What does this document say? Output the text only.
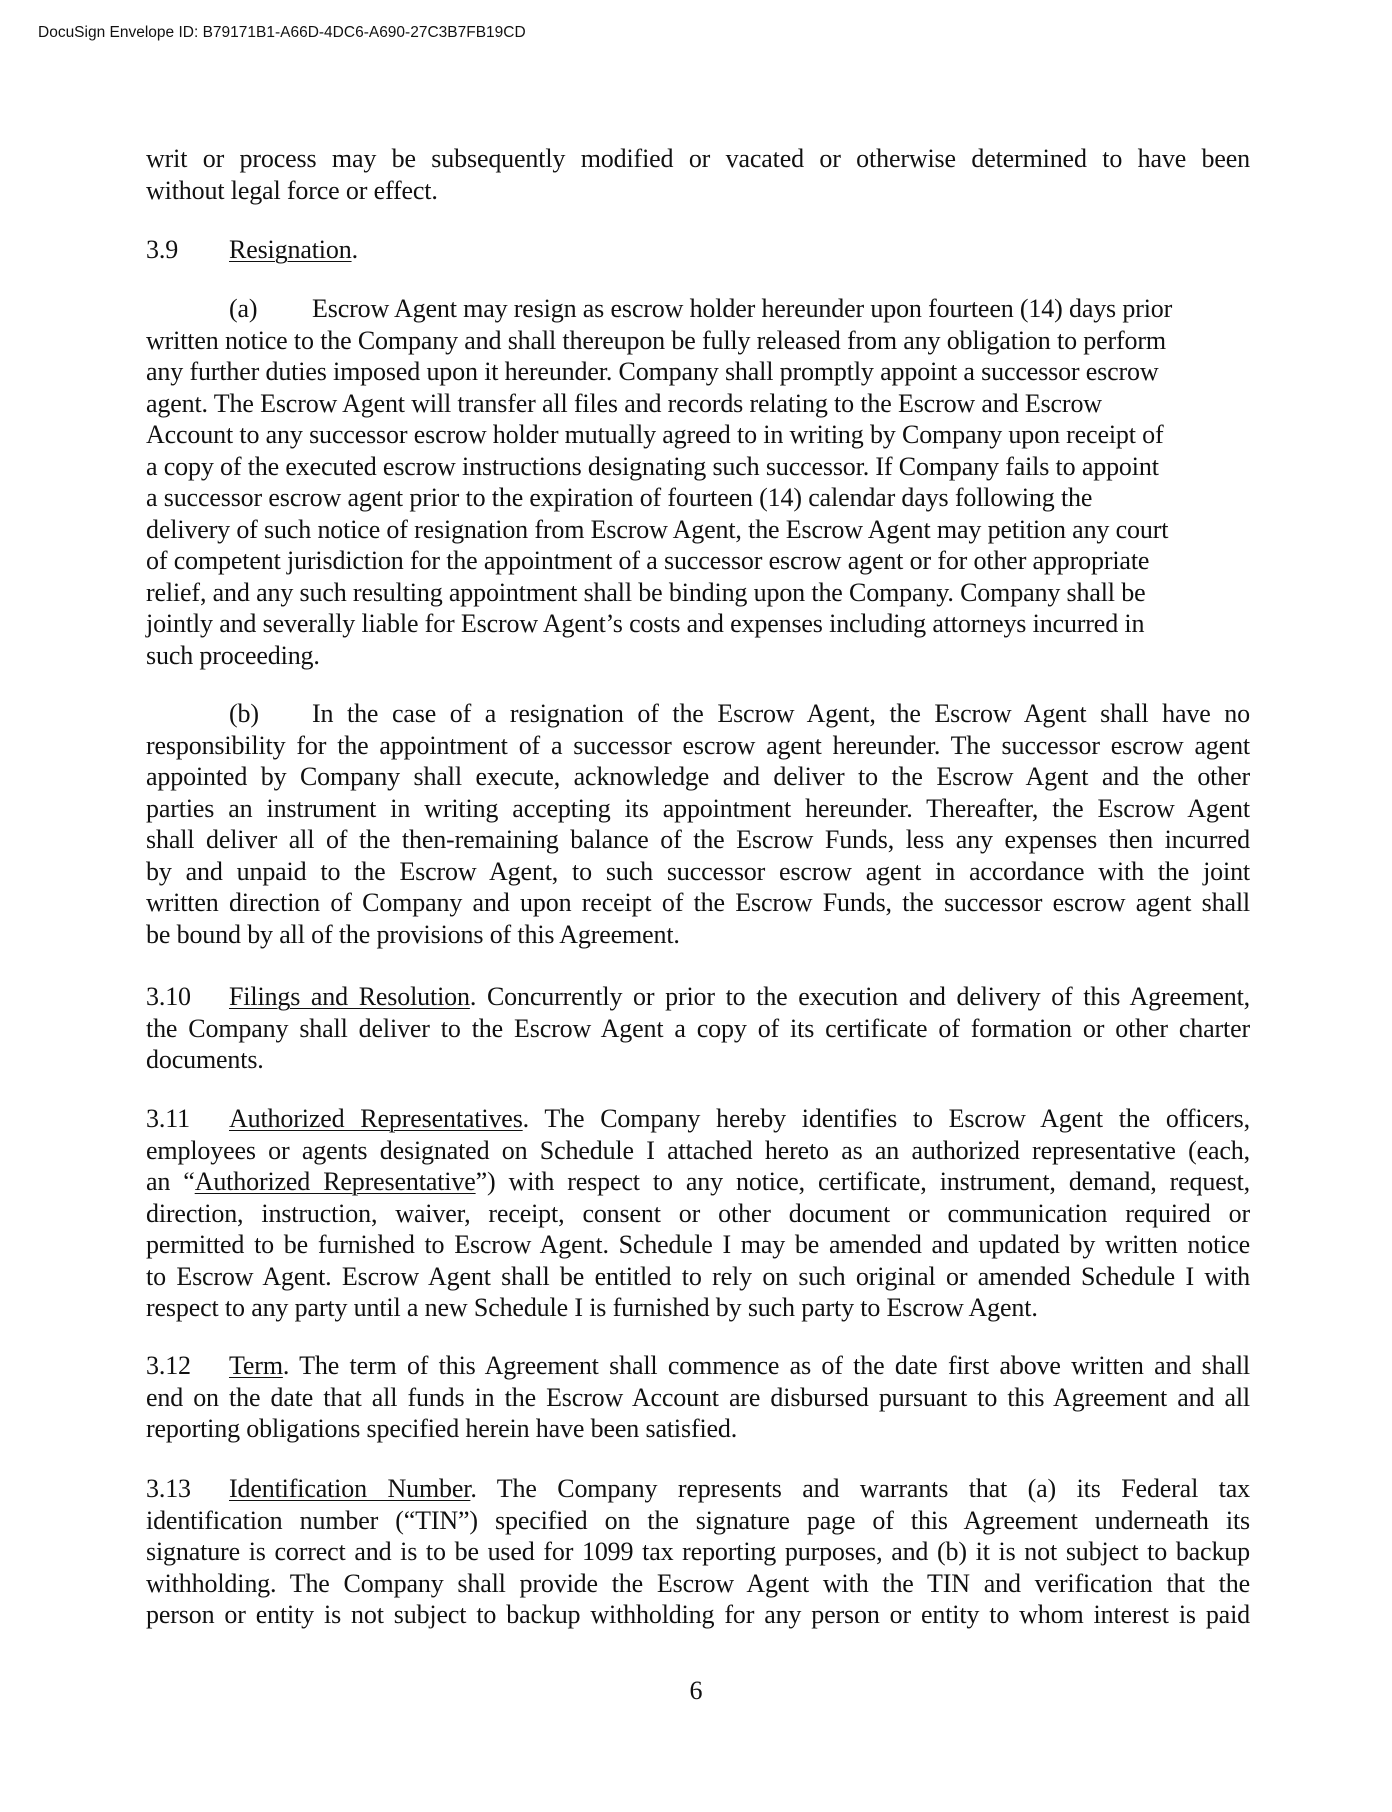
DocuSign Envelope ID: B79171B1-A66D-4DC6-A690-27C3B7FB19CD
writ or process may be subsequently modified or vacated or otherwise determined to have been
without legal force or effect.
3.9 Resignation.
(a) Escrow Agent may resign as escrow holder hereunder upon fourteen (14) days prior
written notice to the Company and shall thereupon be fully released from any obligation to perform
any further duties imposed upon it hereunder. Company shall promptly appoint a successor escrow
agent. The Escrow Agent will transfer all files and records relating to the Escrow and Escrow
Account to any successor escrow holder mutually agreed to in writing by Company upon receipt of
a copy of the executed escrow instructions designating such successor. If Company fails to appoint
a successor escrow agent prior to the expiration of fourteen (14) calendar days following the
delivery of such notice of resignation from Escrow Agent, the Escrow Agent may petition any court
of competent jurisdiction for the appointment of a successor escrow agent or for other appropriate
relief, and any such resulting appointment shall be binding upon the Company. Company shall be
jointly and severally liable for Escrow Agent’s costs and expenses including attorneys incurred in
such proceeding.
(b) In the case of a resignation of the Escrow Agent, the Escrow Agent shall have no
responsibility for the appointment of a successor escrow agent hereunder. The successor escrow agent
appointed by Company shall execute, acknowledge and deliver to the Escrow Agent and the other
parties an instrument in writing accepting its appointment hereunder. Thereafter, the Escrow Agent
shall deliver all of the then-remaining balance of the Escrow Funds, less any expenses then incurred
by and unpaid to the Escrow Agent, to such successor escrow agent in accordance with the joint
written direction of Company and upon receipt of the Escrow Funds, the successor escrow agent shall
be bound by all of the provisions of this Agreement.
3.10 Filings and Resolution. Concurrently or prior to the execution and delivery of this Agreement,
the Company shall deliver to the Escrow Agent a copy of its certificate of formation or other charter
documents.
3.11 Authorized Representatives. The Company hereby identifies to Escrow Agent the officers,
employees or agents designated on Schedule I attached hereto as an authorized representative (each,
an “Authorized Representative”) with respect to any notice, certificate, instrument, demand, request,
direction, instruction, waiver, receipt, consent or other document or communication required or
permitted to be furnished to Escrow Agent. Schedule I may be amended and updated by written notice
to Escrow Agent. Escrow Agent shall be entitled to rely on such original or amended Schedule I with
respect to any party until a new Schedule I is furnished by such party to Escrow Agent.
3.12 Term. The term of this Agreement shall commence as of the date first above written and shall
end on the date that all funds in the Escrow Account are disbursed pursuant to this Agreement and all
reporting obligations specified herein have been satisfied.
3.13 Identification Number. The Company represents and warrants that (a) its Federal tax
identification number (“TIN”) specified on the signature page of this Agreement underneath its
signature is correct and is to be used for 1099 tax reporting purposes, and (b) it is not subject to backup
withholding. The Company shall provide the Escrow Agent with the TIN and verification that the
person or entity is not subject to backup withholding for any person or entity to whom interest is paid
6
